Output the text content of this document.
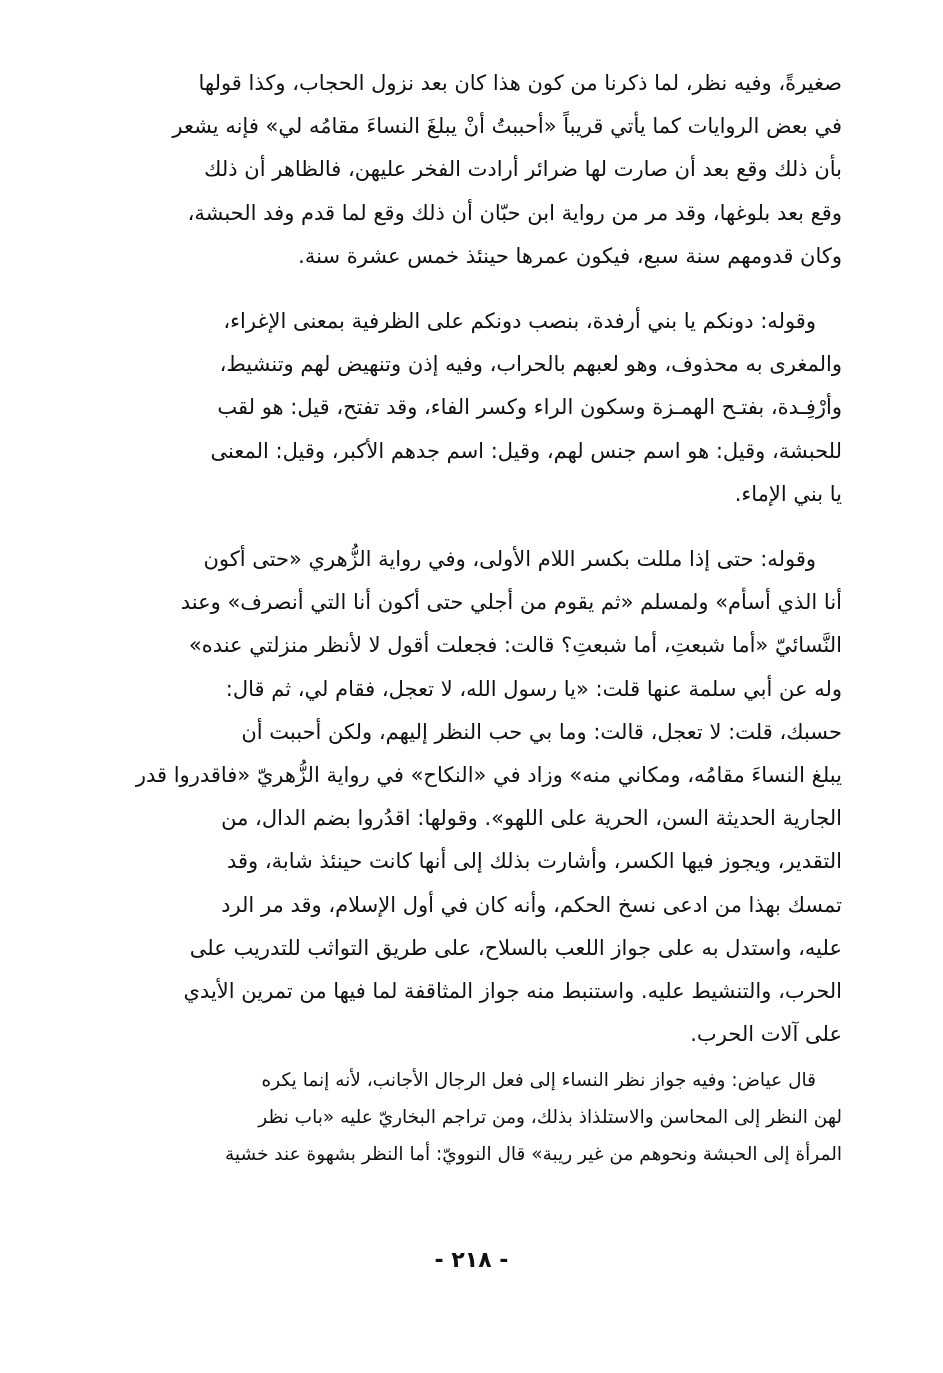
صغيرةً، وفيه نظر، لما ذكرنا من كون هذا كان بعد نزول الحجاب، وكذا قولها
في بعض الروايات كما يأتي قريباً «أحببتُ أنْ يبلغَ النساءَ مقامُه لي» فإنه يشعر
بأن ذلك وقع بعد أن صارت لها ضرائر أرادت الفخر عليهن، فالظاهر أن ذلك
وقع بعد بلوغها، وقد مر من رواية ابن حبّان أن ذلك وقع لما قدم وفد الحبشة،
وكان قدومهم سنة سبع، فيكون عمرها حينئذ خمس عشرة سنة.

وقوله: دونكم يا بني أرفدة، بنصب دونكم على الظرفية بمعنى الإغراء،
والمغرى به محذوف، وهو لعبهم بالحراب، وفيه إذن وتنهيض لهم وتنشيط،
وأرْفِـدة، بفتـح الهمـزة وسكون الراء وكسر الفاء، وقد تفتح، قيل: هو لقب
للحبشة، وقيل: هو اسم جنس لهم، وقيل: اسم جدهم الأكبر، وقيل: المعنى
يا بني الإماء.

وقوله: حتى إذا مللت بكسر اللام الأولى، وفي رواية الزُّهري «حتى أكون
أنا الذي أسأم» ولمسلم «ثم يقوم من أجلي حتى أكون أنا التي أنصرف» وعند
النَّسائيّ «أما شبعتِ، أما شبعتِ؟ قالت: فجعلت أقول لا لأنظر منزلتي عنده»
وله عن أبي سلمة عنها قلت: «يا رسول الله، لا تعجل، فقام لي، ثم قال:
حسبك، قلت: لا تعجل، قالت: وما بي حب النظر إليهم، ولكن أحببت أن
يبلغ النساءَ مقامُه، ومكاني منه» وزاد في «النكاح» في رواية الزُّهريّ «فاقدروا قدر
الجارية الحديثة السن، الحرية على اللهو». وقولها: اقدُروا بضم الدال، من
التقدير، ويجوز فيها الكسر، وأشارت بذلك إلى أنها كانت حينئذ شابة، وقد
تمسك بهذا من ادعى نسخ الحكم، وأنه كان في أول الإسلام، وقد مر الرد
عليه، واستدل به على جواز اللعب بالسلاح، على طريق التواثب للتدريب على
الحرب، والتنشيط عليه. واستنبط منه جواز المثاقفة لما فيها من تمرين الأيدي
على آلات الحرب.

قال عياض: وفيه جواز نظر النساء إلى فعل الرجال الأجانب، لأنه إنما يكره
لهن النظر إلى المحاسن والاستلذاذ بذلك، ومن تراجم البخاريّ عليه «باب نظر
المرأة إلى الحبشة ونحوهم من غير ريبة» قال النوويّ: أما النظر بشهوة عند خشية

- ٢١٨ -
